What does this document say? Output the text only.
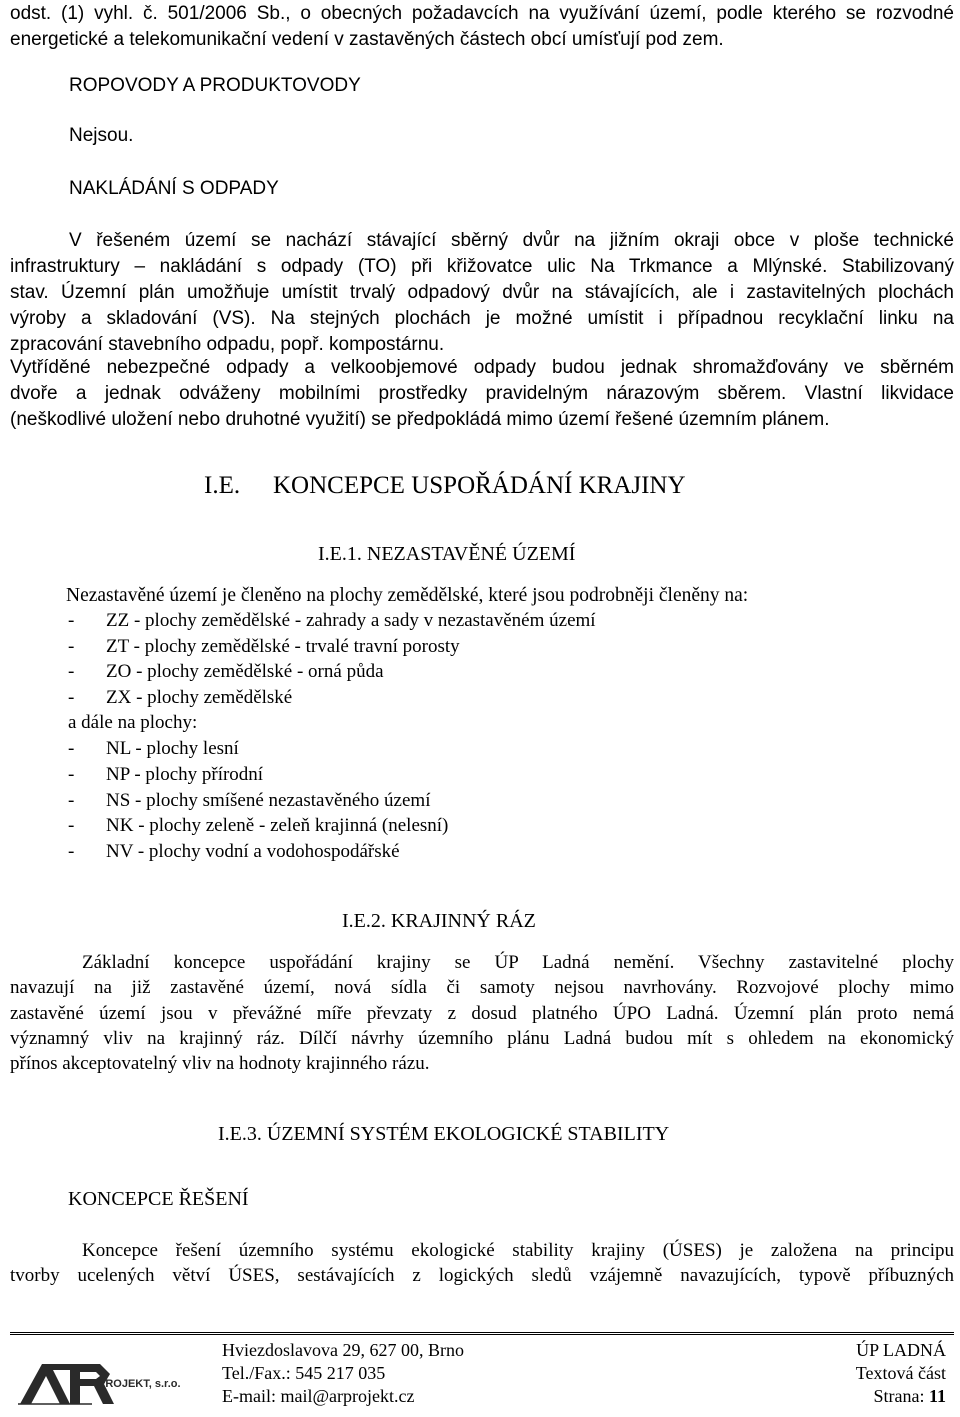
odst. (1) vyhl. č. 501/2006 Sb., o obecných požadavcích na využívání území, podle kterého se rozvodné
energetické a telekomunikační vedení v zastavěných částech obcí umísťují pod zem.
ROPOVODY A PRODUKTOVODY
Nejsou.
NAKLÁDÁNÍ S ODPADY
V řešeném území se nachází stávající sběrný dvůr na jižním okraji obce v ploše technické
infrastruktury – nakládání s odpady (TO) při křižovatce ulic Na Trkmance a Mlýnské. Stabilizovaný
stav. Územní plán umožňuje umístit trvalý odpadový dvůr na stávajících, ale i zastavitelných plochách
výroby a skladování (VS). Na stejných plochách je možné umístit i případnou recyklační linku na
zpracování stavebního odpadu, popř. kompostárnu.
Vytříděné nebezpečné odpady a velkoobjemové odpady budou jednak shromažďovány ve sběrném
dvoře a jednak odváženy mobilními prostředky pravidelným nárazovým sběrem. Vlastní likvidace
(neškodlivé uložení nebo druhotné využití) se předpokládá mimo území řešené územním plánem.
I.E. KONCEPCE USPOŘÁDÁNÍ KRAJINY
I.E.1. NEZASTAVĚNÉ ÚZEMÍ
Nezastavěné území je členěno na plochy zemědělské, které jsou podrobněji členěny na:
- ZZ - plochy zemědělské - zahrady a sady v nezastavěném území
- ZT - plochy zemědělské - trvalé travní porosty
- ZO - plochy zemědělské - orná půda
- ZX - plochy zemědělské
a dále na plochy:
- NL - plochy lesní
- NP - plochy přírodní
- NS - plochy smíšené nezastavěného území
- NK - plochy zeleně - zeleň krajinná (nelesní)
- NV - plochy vodní a vodohospodářské
I.E.2. KRAJINNÝ RÁZ
Základní koncepce uspořádání krajiny se ÚP Ladná nemění. Všechny zastavitelné plochy
navazují na již zastavěné území, nová sídla či samoty nejsou navrhovány. Rozvojové plochy mimo
zastavěné území jsou v převážné míře převzaty z dosud platného ÚPO Ladná. Územní plán proto nemá
významný vliv na krajinný ráz. Dílčí návrhy územního plánu Ladná budou mít s ohledem na ekonomický
přínos akceptovatelný vliv na hodnoty krajinného rázu.
I.E.3. ÚZEMNÍ SYSTÉM EKOLOGICKÉ STABILITY
KONCEPCE ŘEŠENÍ
Koncepce řešení územního systému ekologické stability krajiny (ÚSES) je založena na principu
tvorby ucelených větví ÚSES, sestávajících z logických sledů vzájemně navazujících, typově příbuzných
PROJEKT, s.r.o.
Hviezdoslavova 29, 627 00, Brno
Tel./Fax.: 545 217 035
E-mail: mail@arprojekt.cz
ÚP LADNÁ
Textová část
Strana: 11
